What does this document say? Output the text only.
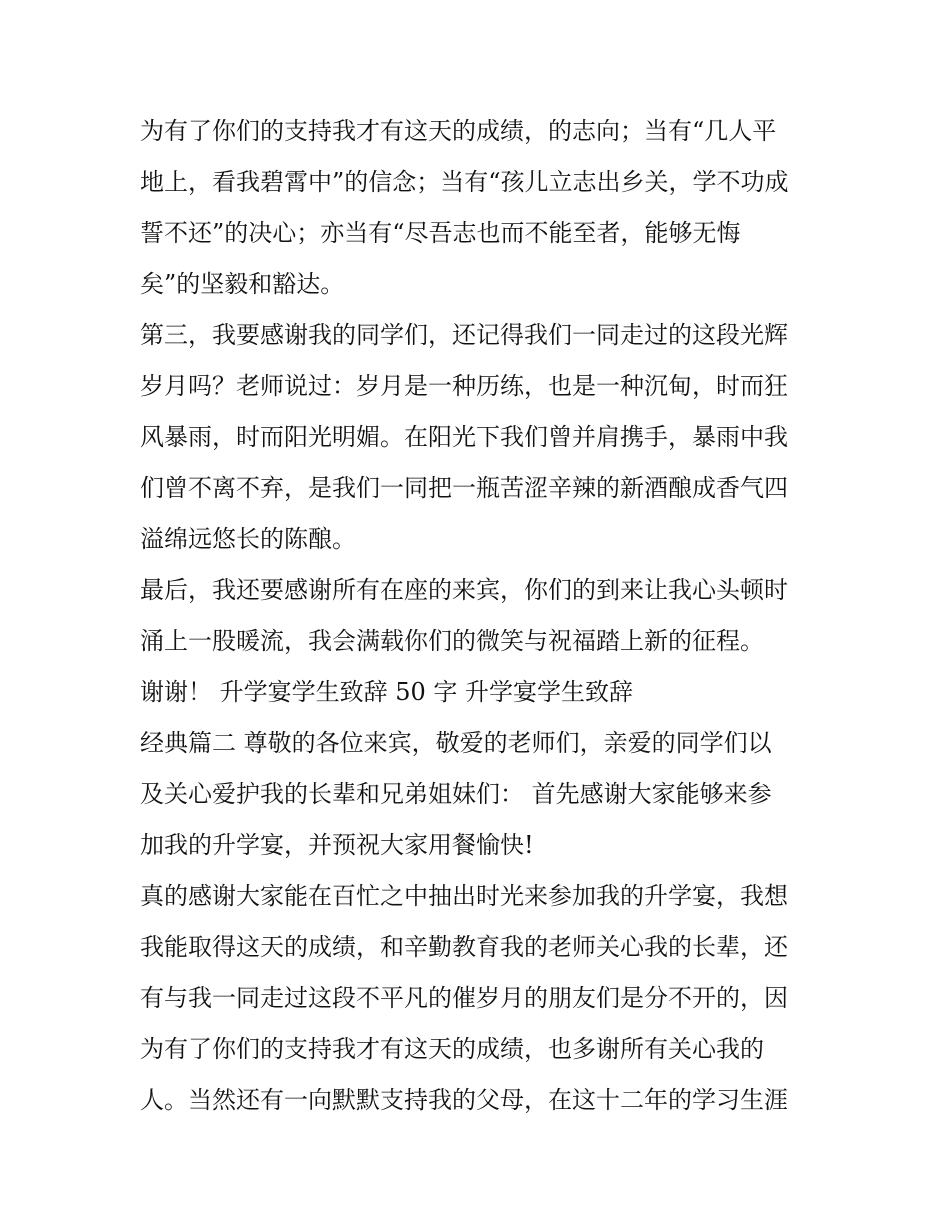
为有了你们的支持我才有这天的成绩，的志向；当有“几人平
地上，看我碧霄中”的信念；当有“孩儿立志出乡关，学不功成
誓不还”的决心；亦当有“尽吾志也而不能至者，能够无悔
矣”的坚毅和豁达。
第三，我要感谢我的同学们，还记得我们一同走过的这段光辉
岁月吗？老师说过：岁月是一种历练，也是一种沉甸，时而狂
风暴雨，时而阳光明媚。在阳光下我们曾并肩携手，暴雨中我
们曾不离不弃，是我们一同把一瓶苦涩辛辣的新酒酿成香气四
溢绵远悠长的陈酿。
最后，我还要感谢所有在座的来宾，你们的到来让我心头顿时
涌上一股暖流，我会满载你们的微笑与祝福踏上新的征程。
谢谢！ 升学宴学生致辞 50 字 升学宴学生致辞
经典篇二 尊敬的各位来宾，敬爱的老师们，亲爱的同学们以
及关心爱护我的长辈和兄弟姐妹们： 首先感谢大家能够来参
加我的升学宴，并预祝大家用餐愉快!
真的感谢大家能在百忙之中抽出时光来参加我的升学宴，我想
我能取得这天的成绩，和辛勤教育我的老师关心我的长辈，还
有与我一同走过这段不平凡的催岁月的朋友们是分不开的，因
为有了你们的支持我才有这天的成绩，也多谢所有关心我的
人。当然还有一向默默支持我的父母，在这十二年的学习生涯
